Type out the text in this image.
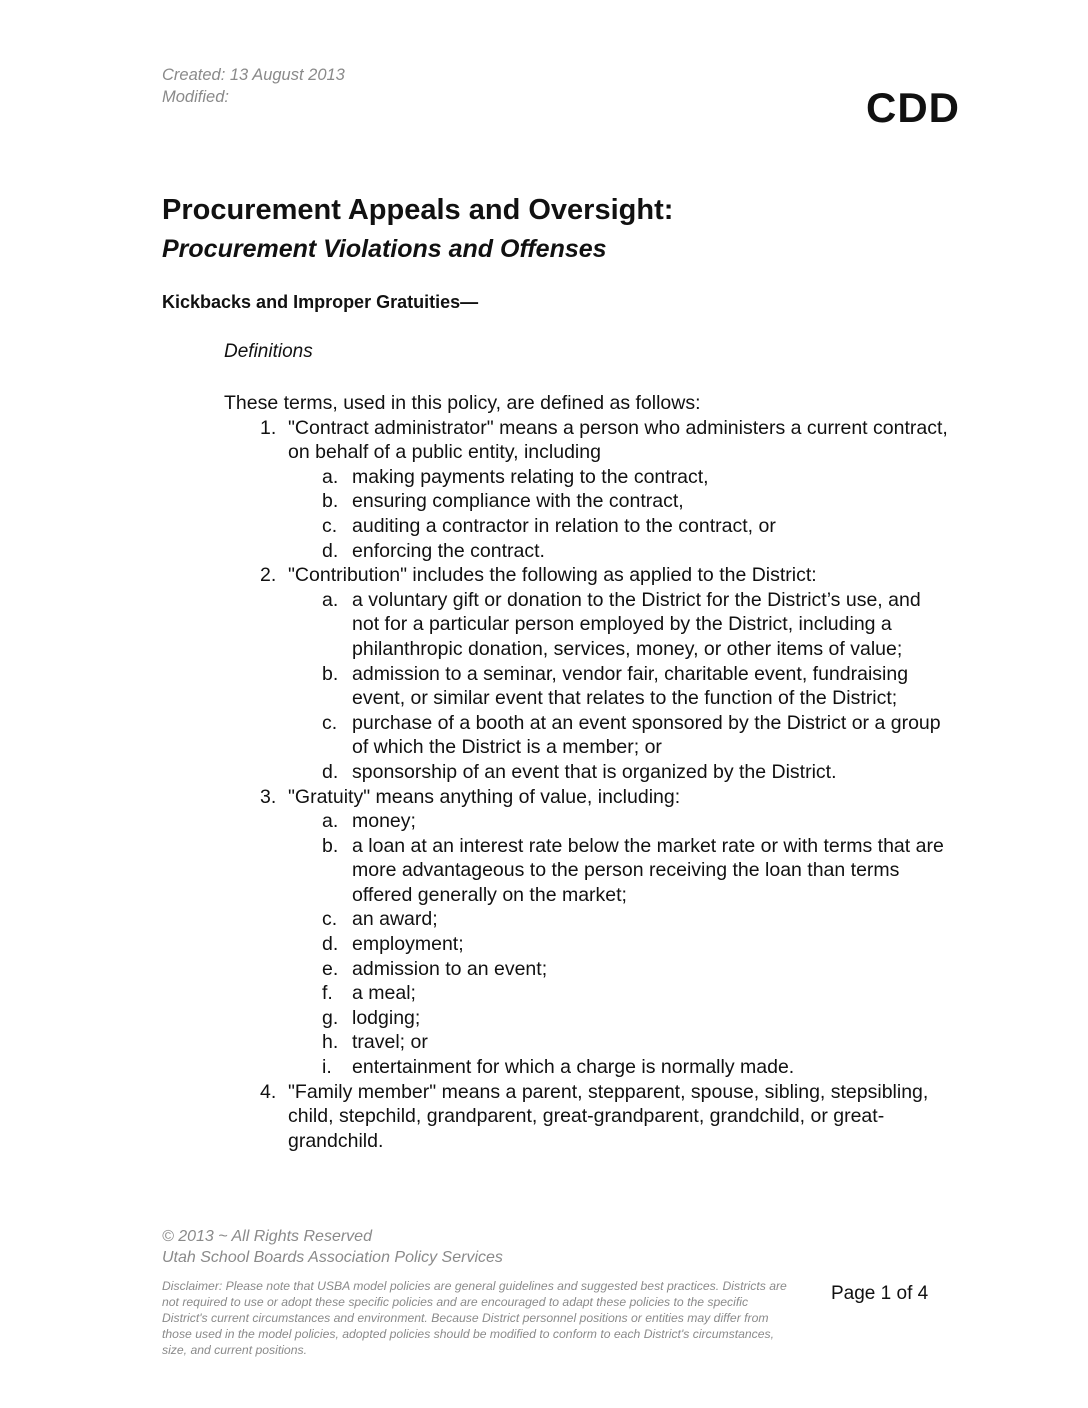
Created: 13 August 2013
Modified:	CDD
Procurement Appeals and Oversight:
Procurement Violations and Offenses
Kickbacks and Improper Gratuities—
Definitions
These terms, used in this policy, are defined as follows:
1. "Contract administrator" means a person who administers a current contract, on behalf of a public entity, including
a. making payments relating to the contract,
b. ensuring compliance with the contract,
c. auditing a contractor in relation to the contract, or
d. enforcing the contract.
2. "Contribution" includes the following as applied to the District:
a. a voluntary gift or donation to the District for the District’s use, and not for a particular person employed by the District, including a philanthropic donation, services, money, or other items of value;
b. admission to a seminar, vendor fair, charitable event, fundraising event, or similar event that relates to the function of the District;
c. purchase of a booth at an event sponsored by the District or a group of which the District is a member; or
d. sponsorship of an event that is organized by the District.
3. "Gratuity" means anything of value, including:
a. money;
b. a loan at an interest rate below the market rate or with terms that are more advantageous to the person receiving the loan than terms offered generally on the market;
c. an award;
d. employment;
e. admission to an event;
f. a meal;
g. lodging;
h. travel; or
i.	entertainment for which a charge is normally made.
4. "Family member" means a parent, stepparent, spouse, sibling, stepsibling, child, stepchild, grandparent, great-grandparent, grandchild, or great-grandchild.
© 2013 ~ All Rights Reserved
Utah School Boards Association Policy Services
Disclaimer: Please note that USBA model policies are general guidelines and suggested best practices. Districts are not required to use or adopt these specific policies and are encouraged to adapt these policies to the specific District's current circumstances and environment. Because District personnel positions or entities may differ from those used in the model policies, adopted policies should be modified to conform to each District's circumstances, size, and current positions.
Page 1 of 4
